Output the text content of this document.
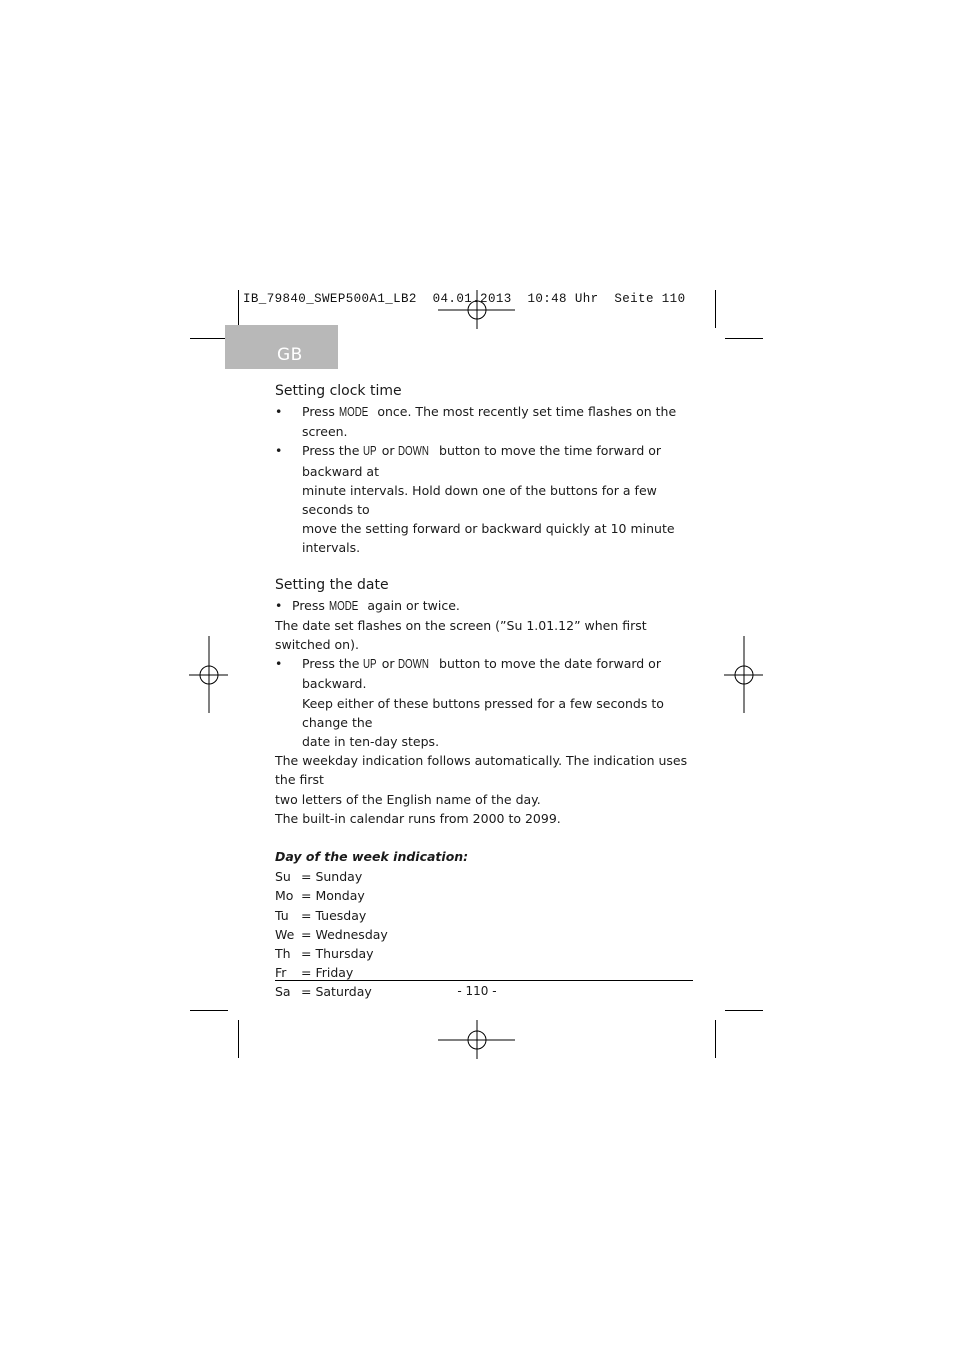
IB_79840_SWEP500A1_LB2  04.01.2013  10:48 Uhr  Seite 110
GB
Setting clock time
• Press MODE once. The most recently set time flashes on the screen.
• Press the UP or DOWN button to move the time forward or backward at
minute intervals. Hold down one of the buttons for a few seconds to
move the setting forward or backward quickly at 10 minute intervals.
Setting the date
• Press MODE again or twice.

The date set flashes on the screen (”Su 1.01.12” when first switched on).

• Press the UP or DOWN button to move the date forward or backward.
Keep either of these buttons pressed for a few seconds to change the
date in ten-day steps.

The weekday indication follows automatically. The indication uses the first
two letters of the English name of the day.

The built-in calendar runs from 2000 to 2099.

Day of the week indication:
Su = Sunday
Mo = Monday
Tu = Tuesday
We = Wednesday
Th = Thursday
Fr	= Friday
Sa = Saturday	- 110 -
